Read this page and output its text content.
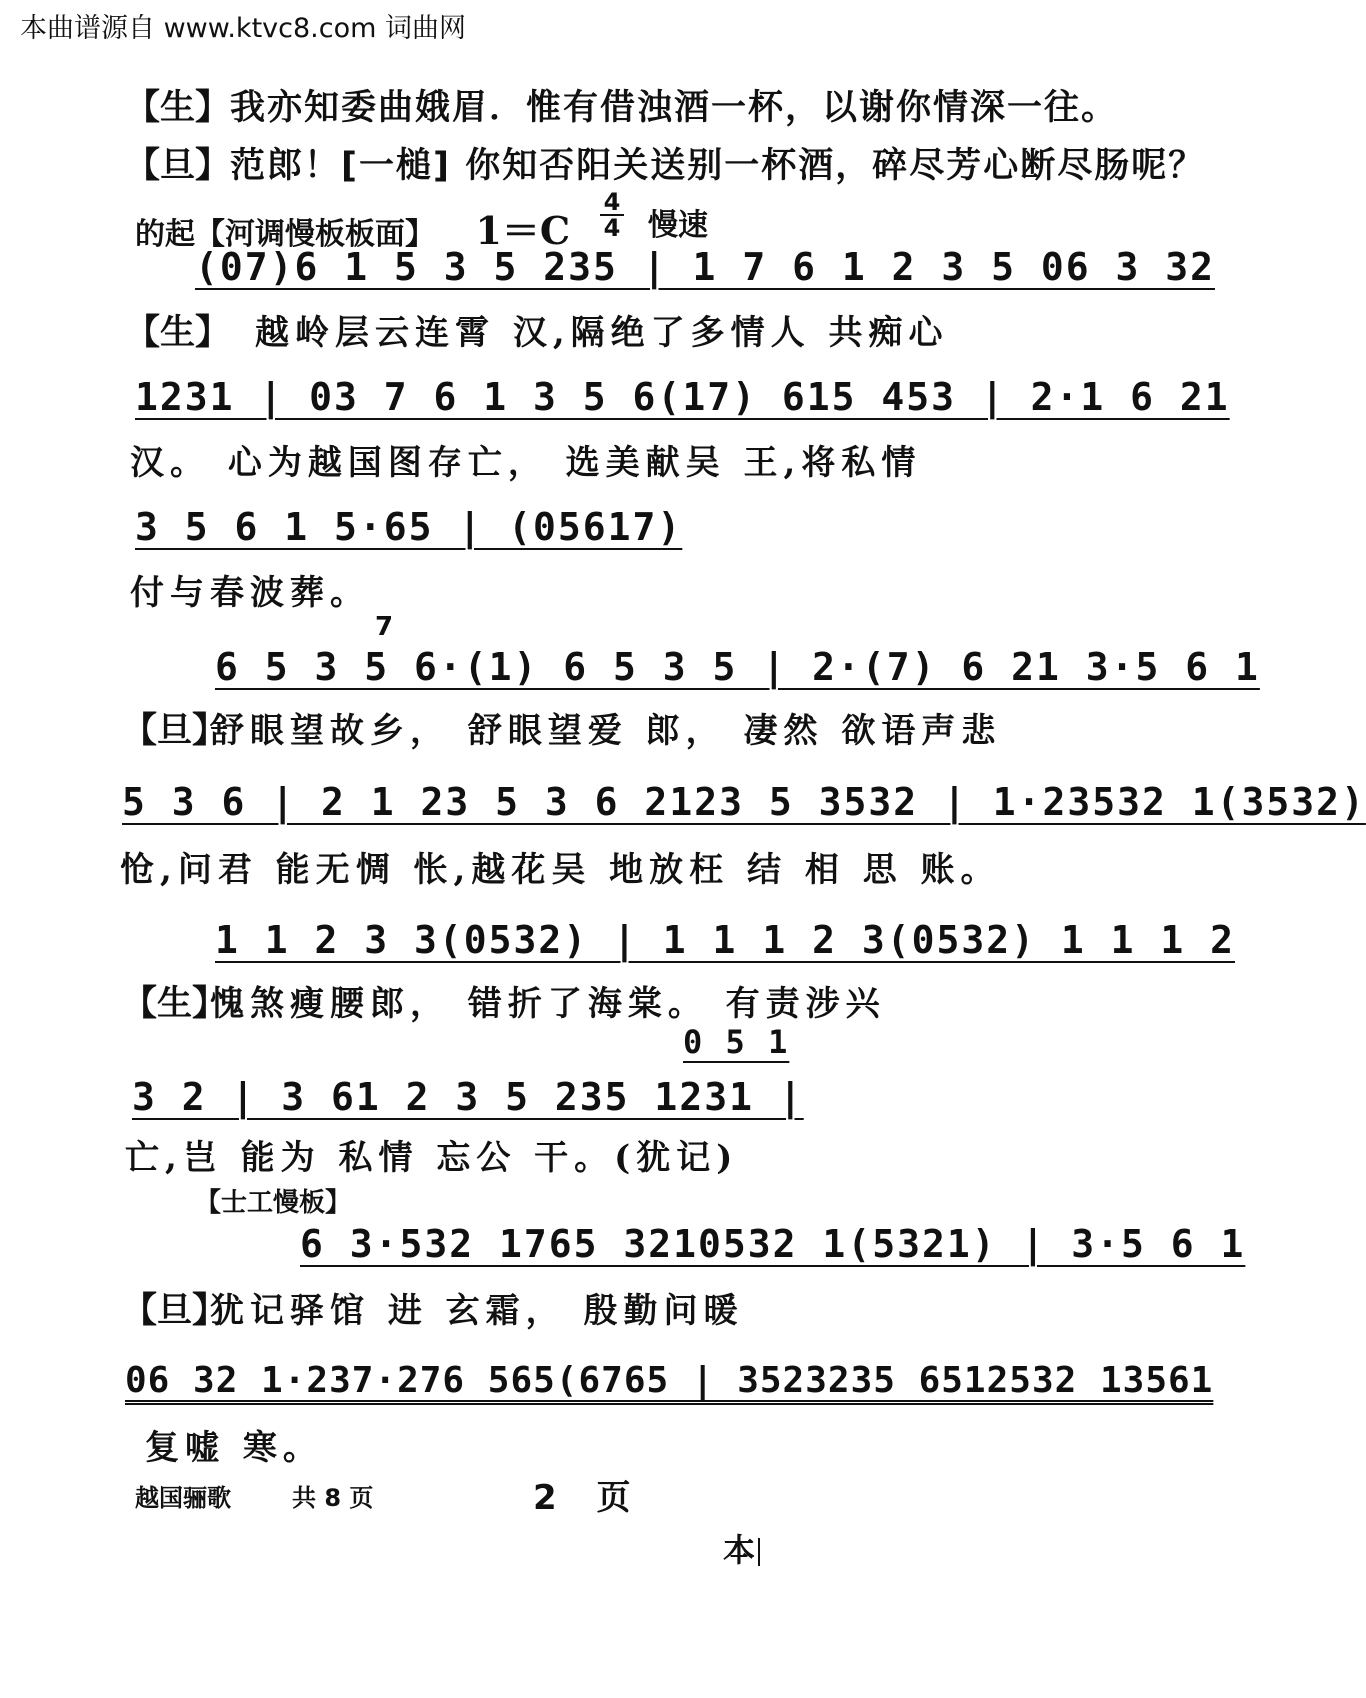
本曲谱源自 www.ktvc8.com 词曲网
【生】我亦知委曲娥眉．惟有借浊酒一杯，以谢你情深一往。
【旦】范郎！[一槌] 你知否阳关送别一杯酒，碎尽芳心断尽肠呢？
的起【河调慢板板面】 $1=C \frac{4}{4}$ 慢速
(07)6 1 5 3 5 235 | 1 7 6 1 2 3 5 06 3 32
【生】 越岭层云连霄 汉,隔绝了多情人 共痴心
1231 | 03 7 6 1 3 5 6(17) 615 453 | 2·1 6 21
汉。 心为越国图存亡， 选美献吴 王,将私情
3 5 6 1 5·65 | (05617)
付与春波葬。
7
6 5 3 5 6·(1) 6 5 3 5 | 2·(7) 6 21 3·5 6 1
【旦】
舒眼望故乡， 舒眼望爱 郎， 凄然 欲语声悲
5 3 6 | 2 1 23 5 3 6 2123 5 3532 | 1·23532 1(3532)
怆,问君 能无惆 怅,越花吴 地放枉 结 相 思 账。
1 1 2 3 3(0532) | 1 1 1 2 3(0532) 1 1 1 2
【生】
愧煞瘦腰郎， 错折了海棠。 有责涉兴
0 5 1
3 2 | 3 61 2 3 5 235 1231 |
亡,岂 能为 私情 忘公 干。(犹记)
【士工慢板】
6 3·532 1765 3210532 1(5321) | 3·5 6 1
【旦】
犹记驿馆 进 玄霜， 殷勤问暖
06 32 1·237·276 565(6765 | 3523235 6512532 13561
复嘘 寒。
越国骊歌	共 8 页	2 页
本
